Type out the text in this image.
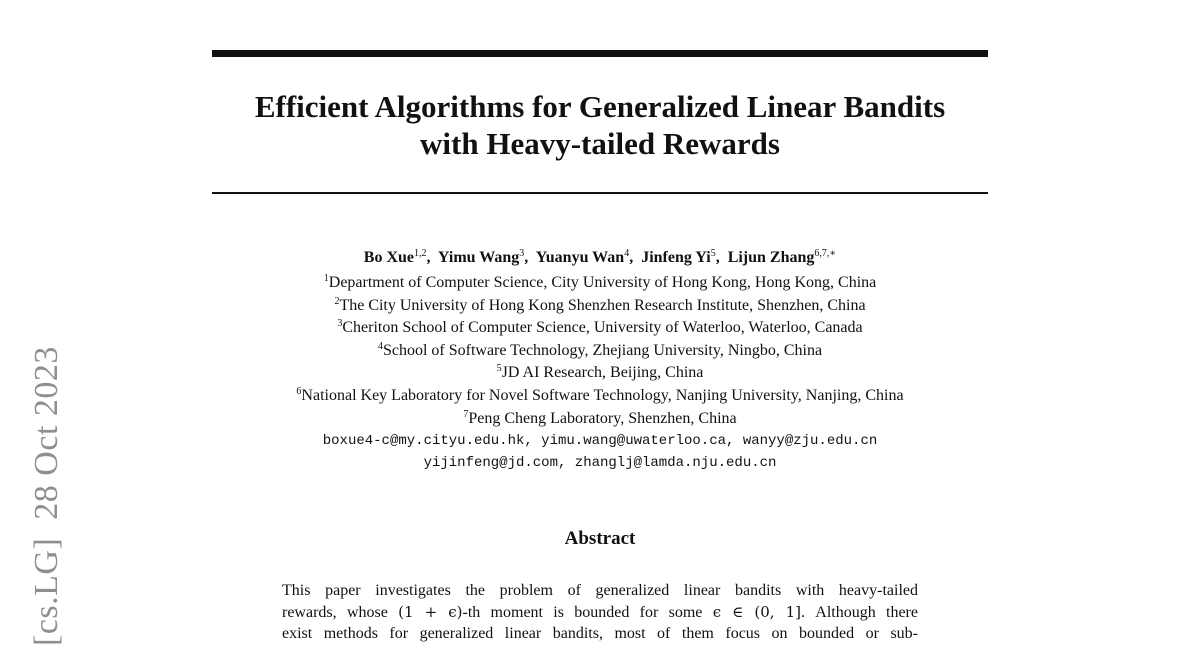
[cs.LG]28 Oct 2023
Efficient Algorithms for Generalized Linear Bandits
with Heavy-tailed Rewards
Bo Xue$^{1,2}$,  Yimu Wang$^3$,  Yuanyu Wan$^4$,  Jinfeng Yi$^5$,  Lijun Zhang$^{6,7,∗}$
$^1$Department of Computer Science, City University of Hong Kong, Hong Kong, China
$^2$The City University of Hong Kong Shenzhen Research Institute, Shenzhen, China
$^3$Cheriton School of Computer Science, University of Waterloo, Waterloo, Canada
$^4$School of Software Technology, Zhejiang University, Ningbo, China
$^5$JD AI Research, Beijing, China
$^6$National Key Laboratory for Novel Software Technology, Nanjing University, Nanjing, China
$^7$Peng Cheng Laboratory, Shenzhen, China
boxue4-c@my.cityu.edu.hk, yimu.wang@uwaterloo.ca, wanyy@zju.edu.cn
yijinfeng@jd.com, zhanglj@lamda.nju.edu.cn
Abstract
This paper investigates the problem of generalized linear bandits with heavy-tailed
rewards, whose (1 + ϵ)-th moment is bounded for some ϵ ∈ (0, 1]. Although there
exist methods for generalized linear bandits, most of them focus on bounded or sub-
